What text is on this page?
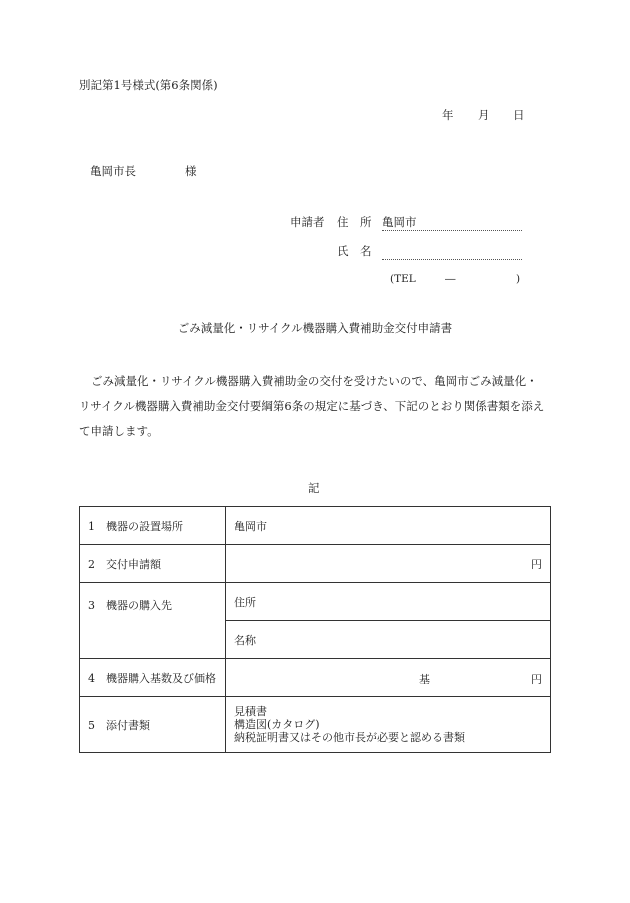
別記第1号様式(第6条関係)
年 月 日
亀岡市長	様
申請者 住　所 亀岡市
氏　名
(TEL	―	)
ごみ減量化・リサイクル機器購入費補助金交付申請書
ごみ減量化・リサイクル機器購入費補助金の交付を受けたいので、亀岡市ごみ減量化・リサイクル機器購入費補助金交付要綱第6条の規定に基づき、下記のとおり関係書類を添えて申請します。
記
1　機器の設置場所	亀岡市
2　交付申請額	円
3　機器の購入先	住所
	名称
4　機器購入基数及び価格	基 円

5　添付書類	見積書
構造図(カタログ)
納税証明書又はその他市長が必要と認める書類
